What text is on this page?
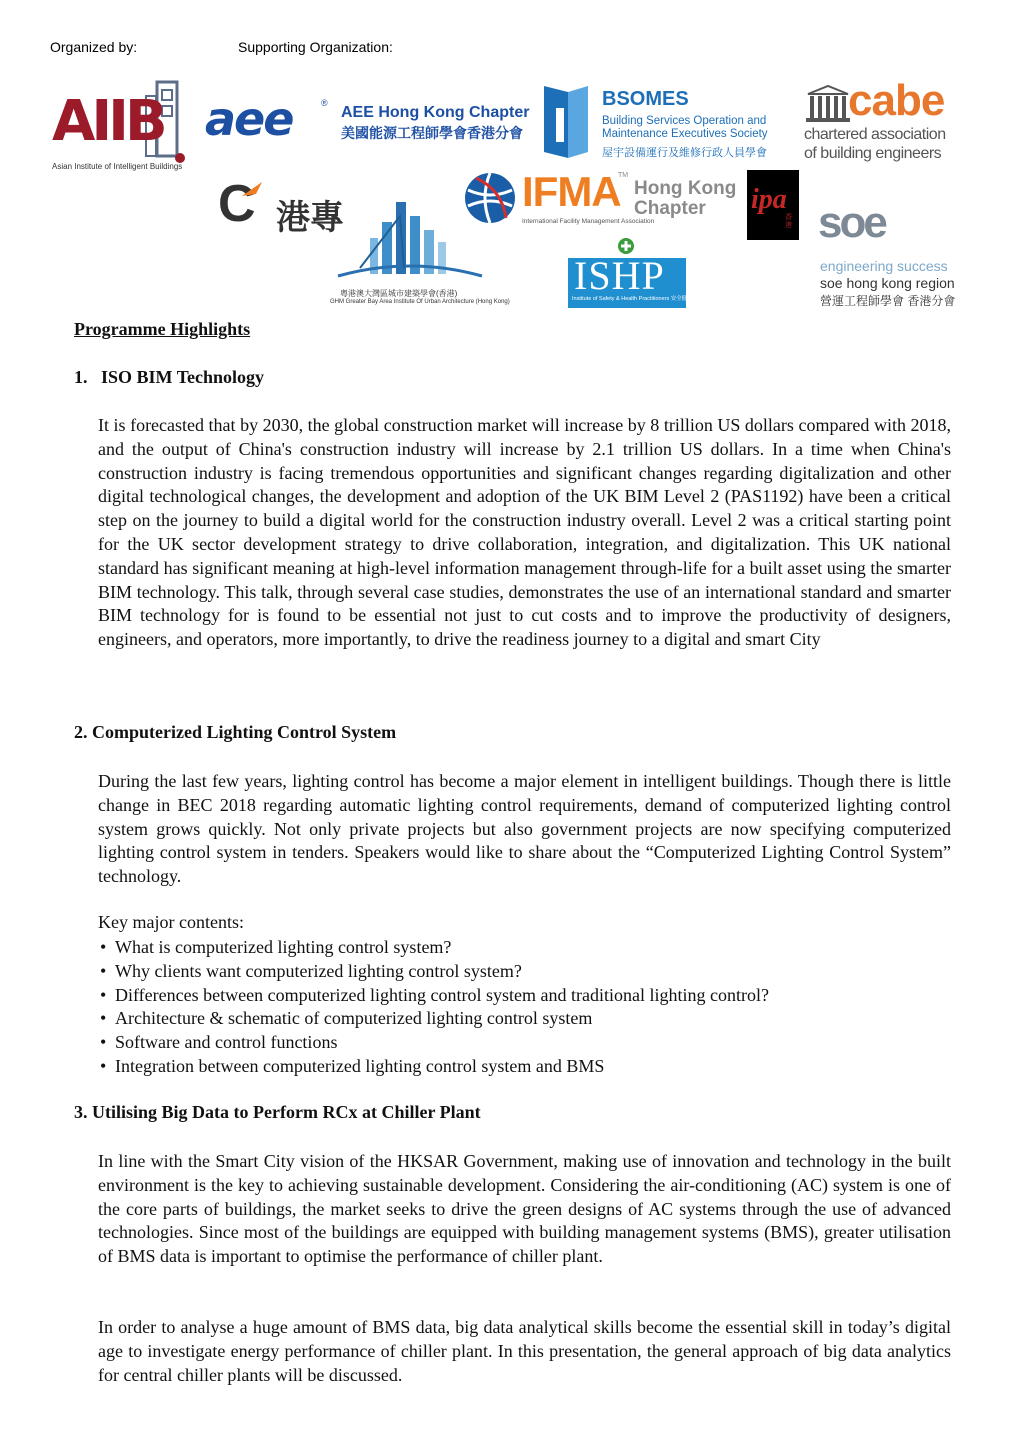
Organized by:	Supporting Organization:
AIIB
Asian Institute of Intelligent Buildings
aee	®
AEE Hong Kong Chapter
美國能源工程師學會香港分會
BSOMES
Building Services Operation and
Maintenance Executives Society
屋宇設備運行及維修行政人員學會
cabe
chartered association
of building engineers
C 港專
粵港澳大灣區城市建築學會(香港)
GHM Greater Bay Area Institute Of Urban Architecture (Hong Kong)
IFMA
TM
Hong Kong
Chapter
International Facility Management Association
ipa
香港
ISHP
Institute of Safety & Health Practitioners 安全健康師學會
soe
engineering success
soe hong kong region
營運工程師學會 香港分會
Programme Highlights
1.   ISO BIM Technology
It is forecasted that by 2030, the global construction market will increase by 8 trillion US dollars compared with 2018, and the output of China's construction industry will increase by 2.1 trillion US dollars. In a time when China's construction industry is facing tremendous opportunities and significant changes regarding digitalization and other digital technological changes, the development and adoption of the UK BIM Level 2 (PAS1192) have been a critical step on the journey to build a digital world for the construction industry overall. Level 2 was a critical starting point for the UK sector development strategy to drive collaboration, integration, and digitalization. This UK national standard has significant meaning at high-level information management through-life for a built asset using the smarter BIM technology. This talk, through several case studies, demonstrates the use of an international standard and smarter BIM technology for is found to be essential not just to cut costs and to improve the productivity of designers, engineers, and operators, more importantly, to drive the readiness journey to a digital and smart City
2. Computerized Lighting Control System
During the last few years, lighting control has become a major element in intelligent buildings. Though there is little change in BEC 2018 regarding automatic lighting control requirements, demand of computerized lighting control system grows quickly. Not only private projects but also government projects are now specifying computerized lighting control system in tenders. Speakers would like to share about the “Computerized Lighting Control System” technology.
Key major contents:
• What is computerized lighting control system?
• Why clients want computerized lighting control system?
• Differences between computerized lighting control system and traditional lighting control?
• Architecture & schematic of computerized lighting control system
• Software and control functions
• Integration between computerized lighting control system and BMS
3. Utilising Big Data to Perform RCx at Chiller Plant
In line with the Smart City vision of the HKSAR Government, making use of innovation and technology in the built environment is the key to achieving sustainable development. Considering the air-conditioning (AC) system is one of the core parts of buildings, the market seeks to drive the green designs of AC systems through the use of advanced technologies. Since most of the buildings are equipped with building management systems (BMS), greater utilisation of BMS data is important to optimise the performance of chiller plant.
In order to analyse a huge amount of BMS data, big data analytical skills become the essential skill in today’s digital age to investigate energy performance of chiller plant. In this presentation, the general approach of big data analytics for central chiller plants will be discussed.
